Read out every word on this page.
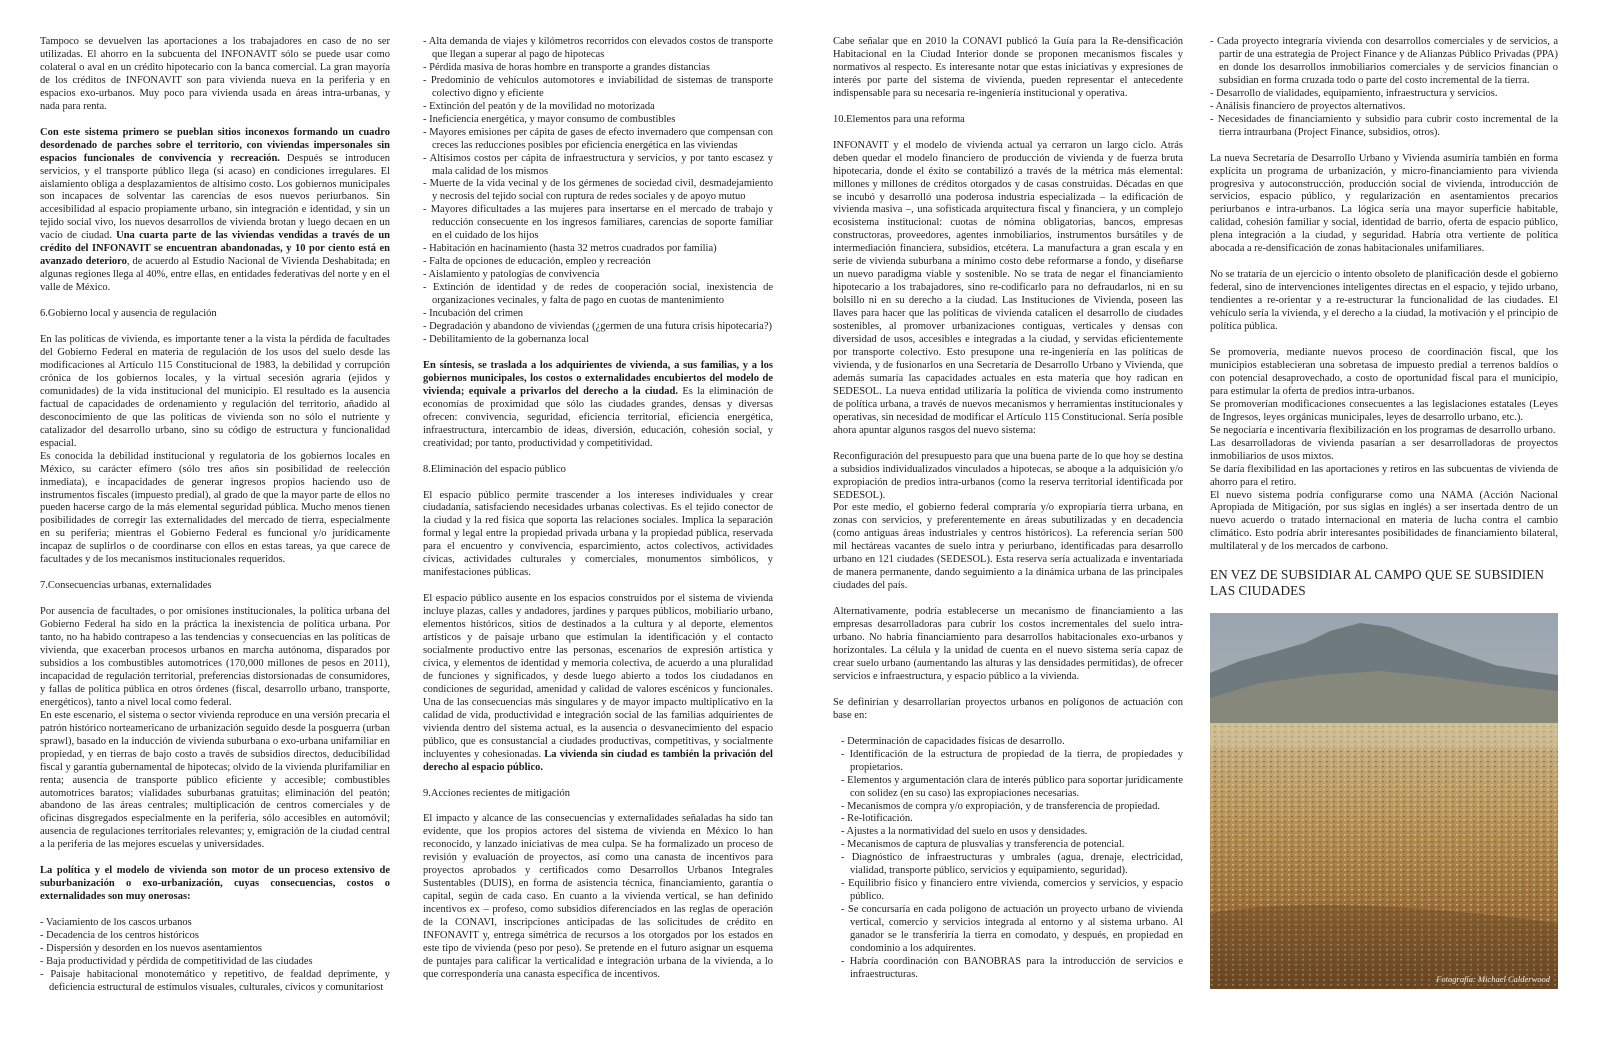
Tampoco se devuelven las aportaciones a los trabajadores en caso de no ser utilizadas. El ahorro en la subcuenta del INFONAVIT sólo se puede usar como colateral o aval en un crédito hipotecario con la banca comercial. La gran mayoría de los créditos de INFONAVIT son para vivienda nueva en la periferia y en espacios exo-urbanos. Muy poco para vivienda usada en áreas intra-urbanas, y nada para renta.

Con este sistema primero se pueblan sitios inconexos formando un cuadro desordenado de parches sobre el territorio, con viviendas impersonales sin espacios funcionales de convivencia y recreación. Después se introducen servicios, y el transporte público llega (si acaso) en condiciones irregulares. El aislamiento obliga a desplazamientos de altísimo costo. Los gobiernos municipales son incapaces de solventar las carencias de esos nuevos periurbanos. Sin accesibilidad al espacio propiamente urbano, sin integración e identidad, y sin un tejido social vivo, los nuevos desarrollos de vivienda brotan y luego decaen en un vacío de ciudad. Una cuarta parte de las viviendas vendidas a través de un crédito del INFONAVIT se encuentran abandonadas, y 10 por ciento está en avanzado deterioro, de acuerdo al Estudio Nacional de Vivienda Deshabitada; en algunas regiones llega al 40%, entre ellas, en entidades federativas del norte y en el valle de México.

6.Gobierno local y ausencia de regulación

En las políticas de vivienda, es importante tener a la vista la pérdida de facultades del Gobierno Federal en materia de regulación de los usos del suelo desde las modificaciones al Artículo 115 Constitucional de 1983, la debilidad y corrupción crónica de los gobiernos locales, y la virtual secesión agraria (ejidos y comunidades) de la vida institucional del municipio. El resultado es la ausencia factual de capacidades de ordenamiento y regulación del territorio, añadido al desconocimiento de que las políticas de vivienda son no sólo el nutriente y catalizador del desarrollo urbano, sino su código de estructura y funcionalidad espacial.

Es conocida la debilidad institucional y regulatoria de los gobiernos locales en México, su carácter efímero (sólo tres años sin posibilidad de reelección inmediata), e incapacidades de generar ingresos propios haciendo uso de instrumentos fiscales (impuesto predial), al grado de que la mayor parte de ellos no pueden hacerse cargo de la más elemental seguridad pública. Mucho menos tienen posibilidades de corregir las externalidades del mercado de tierra, especialmente en su periferia; mientras el Gobierno Federal es funcional y/o jurídicamente incapaz de suplirlos o de coordinarse con ellos en estas tareas, ya que carece de facultades y de los mecanismos institucionales requeridos.

7.Consecuencias urbanas, externalidades

Por ausencia de facultades, o por omisiones institucionales, la política urbana del Gobierno Federal ha sido en la práctica la inexistencia de política urbana. Por tanto, no ha habido contrapeso a las tendencias y consecuencias en las políticas de vivienda, que exacerban procesos urbanos en marcha autónoma, disparados por subsidios a los combustibles automotrices (170,000 millones de pesos en 2011), incapacidad de regulación territorial, preferencias distorsionadas de consumidores, y fallas de política pública en otros órdenes (fiscal, desarrollo urbano, transporte, energéticos), tanto a nivel local como federal.

En este escenario, el sistema o sector vivienda reproduce en una versión precaria el patrón histórico norteamericano de urbanización seguido desde la posguerra (urban sprawl), basado en la inducción de vivienda suburbana o exo-urbana unifamiliar en propiedad, y en tierras de bajo costo a través de subsidios directos, deducibilidad fiscal y garantía gubernamental de hipotecas; olvido de la vivienda plurifamiliar en renta; ausencia de transporte público eficiente y accesible; combustibles automotrices baratos; vialidades suburbanas gratuitas; eliminación del peatón; abandono de las áreas centrales; multiplicación de centros comerciales y de oficinas disgregados especialmente en la periferia, sólo accesibles en automóvil; ausencia de regulaciones territoriales relevantes; y, emigración de la ciudad central a la periferia de las mejores escuelas y universidades.

La política y el modelo de vivienda son motor de un proceso extensivo de suburbanización o exo-urbanización, cuyas consecuencias, costos o externalidades son muy onerosas:

- Vaciamiento de los cascos urbanos
- Decadencia de los centros históricos
- Dispersión y desorden en los nuevos asentamientos
- Baja productividad y pérdida de competitividad de las ciudades
- Paisaje habitacional monotemático y repetitivo, de fealdad deprimente, y deficiencia estructural de estímulos visuales, culturales, cívicos y comunitariost
- Alta demanda de viajes y kilómetros recorridos con elevados costos de transporte que llegan a superar al pago de hipotecas
- Pérdida masiva de horas hombre en transporte a grandes distancias
- Predominio de vehículos automotores e inviabilidad de sistemas de transporte colectivo digno y eficiente
- Extinción del peatón y de la movilidad no motorizada
- Ineficiencia energética, y mayor consumo de combustibles
- Mayores emisiones per cápita de gases de efecto invernadero que compensan con creces las reducciones posibles por eficiencia energética en las viviendas
- Altísimos costos per cápita de infraestructura y servicios, y por tanto escasez y mala calidad de los mismos
- Muerte de la vida vecinal y de los gérmenes de sociedad civil, desmadejamiento y necrosis del tejido social con ruptura de redes sociales y de apoyo mutuo
- Mayores dificultades a las mujeres para insertarse en el mercado de trabajo y reducción consecuente en los ingresos familiares, carencias de soporte familiar en el cuidado de los hijos
- Habitación en hacinamiento (hasta 32 metros cuadrados por familia)
- Falta de opciones de educación, empleo y recreación
- Aislamiento y patologías de convivencia
- Extinción de identidad y de redes de cooperación social, inexistencia de organizaciones vecinales, y falta de pago en cuotas de mantenimiento
- Incubación del crimen
- Degradación y abandono de viviendas (¿germen de una futura crisis hipotecaria?)
- Debilitamiento de la gobernanza local

En síntesis, se traslada a los adquirientes de vivienda, a sus familias, y a los gobiernos municipales, los costos o externalidades encubiertos del modelo de vivienda; equivale a privarlos del derecho a la ciudad. Es la eliminación de economías de proximidad que sólo las ciudades grandes, densas y diversas ofrecen: convivencia, seguridad, eficiencia territorial, eficiencia energética, infraestructura, intercambio de ideas, diversión, educación, cohesión social, y creatividad; por tanto, productividad y competitividad.

8.Eliminación del espacio público

El espacio público permite trascender a los intereses individuales y crear ciudadanía, satisfaciendo necesidades urbanas colectivas. Es el tejido conector de la ciudad y la red física que soporta las relaciones sociales. Implica la separación formal y legal entre la propiedad privada urbana y la propiedad pública, reservada para el encuentro y convivencia, esparcimiento, actos colectivos, actividades cívicas, actividades culturales y comerciales, monumentos simbólicos, y manifestaciones públicas.

El espacio público ausente en los espacios construidos por el sistema de vivienda incluye plazas, calles y andadores, jardines y parques públicos, mobiliario urbano, elementos históricos, sitios de destinados a la cultura y al deporte, elementos artísticos y de paisaje urbano que estimulan la identificación y el contacto socialmente productivo entre las personas, escenarios de expresión artística y cívica, y elementos de identidad y memoria colectiva, de acuerdo a una pluralidad de funciones y significados, y desde luego abierto a todos los ciudadanos en condiciones de seguridad, amenidad y calidad de valores escénicos y funcionales. Una de las consecuencias más singulares y de mayor impacto multiplicativo en la calidad de vida, productividad e integración social de las familias adquirientes de vivienda dentro del sistema actual, es la ausencia o desvanecimiento del espacio público, que es consustancial a ciudades productivas, competitivas, y socialmente incluyentes y cohesionadas. La vivienda sin ciudad es también la privación del derecho al espacio público.

9.Acciones recientes de mitigación

El impacto y alcance de las consecuencias y externalidades señaladas ha sido tan evidente, que los propios actores del sistema de vivienda en México lo han reconocido, y lanzado iniciativas de mea culpa. Se ha formalizado un proceso de revisión y evaluación de proyectos, así como una canasta de incentivos para proyectos aprobados y certificados como Desarrollos Urbanos Integrales Sustentables (DUIS), en forma de asistencia técnica, financiamiento, garantía o capital, según de cada caso. En cuanto a la vivienda vertical, se han definido incentivos ex – profeso, como subsidios diferenciados en las reglas de operación de la CONAVI, inscripciones anticipadas de las solicitudes de crédito en INFONAVIT y, entrega simétrica de recursos a los otorgados por los estados en este tipo de vivienda (peso por peso). Se pretende en el futuro asignar un esquema de puntajes para calificar la verticalidad e integración urbana de la vivienda, a lo que correspondería una canasta específica de incentivos.

Cabe señalar que en 2010 la CONAVI publicó la Guía para la Re-densificación Habitacional en la Ciudad Interior donde se proponen mecanismos fiscales y normativos al respecto. Es interesante notar que estas iniciativas y expresiones de interés por parte del sistema de vivienda, pueden representar el antecedente indispensable para su necesaria re-ingeniería institucional y operativa.

10.Elementos para una reforma

INFONAVIT y el modelo de vivienda actual ya cerraron un largo ciclo. Atrás deben quedar el modelo financiero de producción de vivienda y de fuerza bruta hipotecaria, donde el éxito se contabilizó a través de la métrica más elemental: millones y millones de créditos otorgados y de casas construidas. Décadas en que se incubó y desarrolló una poderosa industria especializada – la edificación de vivienda masiva –, una sofisticada arquitectura fiscal y financiera, y un complejo ecosistema institucional: cuotas de nómina obligatorias, bancos, empresas constructoras, proveedores, agentes inmobiliarios, instrumentos bursátiles y de intermediación financiera, subsidios, etcétera. La manufactura a gran escala y en serie de vivienda suburbana a mínimo costo debe reformarse a fondo, y diseñarse un nuevo paradigma viable y sostenible. No se trata de negar el financiamiento hipotecario a los trabajadores, sino re-codificarlo para no defraudarlos, ni en su bolsillo ni en su derecho a la ciudad. Las Instituciones de Vivienda, poseen las llaves para hacer que las políticas de vivienda catalicen el desarrollo de ciudades sostenibles, al promover urbanizaciones contiguas, verticales y densas con diversidad de usos, accesibles e integradas a la ciudad, y servidas eficientemente por transporte colectivo. Esto presupone una re-ingeniería en las políticas de vivienda, y de fusionarlos en una Secretaría de Desarrollo Urbano y Vivienda, que además sumaría las capacidades actuales en esta materia que hoy radican en SEDESOL. La nueva entidad utilizaría la política de vivienda como instrumento de política urbana, a través de nuevos mecanismos y herramientas institucionales y operativas, sin necesidad de modificar el Artículo 115 Constitucional. Sería posible ahora apuntar algunos rasgos del nuevo sistema:

Reconfiguración del presupuesto para que una buena parte de lo que hoy se destina a subsidios individualizados vinculados a hipotecas, se aboque a la adquisición y/o expropiación de predios intra-urbanos (como la reserva territorial identificada por SEDESOL).

Por este medio, el gobierno federal compraría y/o expropiaría tierra urbana, en zonas con servicios, y preferentemente en áreas subutilizadas y en decadencia (como antiguas áreas industriales y centros históricos). La referencia serían 500 mil hectáreas vacantes de suelo intra y periurbano, identificadas para desarrollo urbano en 121 ciudades (SEDESOL). Esta reserva sería actualizada e inventariada de manera permanente, dando seguimiento a la dinámica urbana de las principales ciudades del país.

Alternativamente, podría establecerse un mecanismo de financiamiento a las empresas desarrolladoras para cubrir los costos incrementales del suelo intra-urbano. No habría financiamiento para desarrollos habitacionales exo-urbanos y horizontales. La célula y la unidad de cuenta en el nuevo sistema sería capaz de crear suelo urbano (aumentando las alturas y las densidades permitidas), de ofrecer servicios e infraestructura, y espacio público a la vivienda.

Se definirían y desarrollarían proyectos urbanos en polígonos de actuación con base en:

- Determinación de capacidades físicas de desarrollo.
- Identificación de la estructura de propiedad de la tierra, de propiedades y propietarios.
- Elementos y argumentación clara de interés público para soportar jurídicamente con solidez (en su caso) las expropiaciones necesarias.
- Mecanismos de compra y/o expropiación, y de transferencia de propiedad.
- Re-lotificación.
- Ajustes a la normatividad del suelo en usos y densidades.
- Mecanismos de captura de plusvalías y transferencia de potencial.
- Diagnóstico de infraestructuras y umbrales (agua, drenaje, electricidad, vialidad, transporte público, servicios y equipamiento, seguridad).
- Equilibrio físico y financiero entre vivienda, comercios y servicios, y espacio público.
- Se concursaría en cada polígono de actuación un proyecto urbano de vivienda vertical, comercio y servicios integrada al entorno y al sistema urbano. Al ganador se le transferiría la tierra en comodato, y después, en propiedad en condominio a los adquirentes.
- Habría coordinación con BANOBRAS para la introducción de servicios e infraestructuras.
- Cada proyecto integraría vivienda con desarrollos comerciales y de servicios, a partir de una estrategia de Project Finance y de Alianzas Público Privadas (PPA) en donde los desarrollos inmobiliarios comerciales y de servicios financian o subsidian en forma cruzada todo o parte del costo incremental de la tierra.
- Desarrollo de vialidades, equipamiento, infraestructura y servicios.
- Análisis financiero de proyectos alternativos.
- Necesidades de financiamiento y subsidio para cubrir costo incremental de la tierra intraurbana (Project Finance, subsidios, otros).

La nueva Secretaría de Desarrollo Urbano y Vivienda asumiría también en forma explícita un programa de urbanización, y micro-financiamiento para vivienda progresiva y autoconstrucción, producción social de vivienda, introducción de servicios, espacio público, y regularización en asentamientos precarios periurbanos e intra-urbanos. La lógica sería una mayor superficie habitable, calidad, cohesión familiar y social, identidad de barrio, oferta de espacio público, plena integración a la ciudad, y seguridad. Habría otra vertiente de política abocada a re-densificación de zonas habitacionales unifamiliares.

No se trataría de un ejercicio o intento obsoleto de planificación desde el gobierno federal, sino de intervenciones inteligentes directas en el espacio, y tejido urbano, tendientes a re-orientar y a re-estructurar la funcionalidad de las ciudades. El vehículo sería la vivienda, y el derecho a la ciudad, la motivación y el principio de política pública.

Se promovería, mediante nuevos proceso de coordinación fiscal, que los municipios establecieran una sobretasa de impuesto predial a terrenos baldíos o con potencial desaprovechado, a costo de oportunidad fiscal para el municipio, para estimular la oferta de predios intra-urbanos.

Se promoverían modificaciones consecuentes a las legislaciones estatales (Leyes de Ingresos, leyes orgánicas municipales, leyes de desarrollo urbano, etc.).

Se negociaría e incentivaría flexibilización en los programas de desarrollo urbano.

Las desarrolladoras de vivienda pasarían a ser desarrolladoras de proyectos inmobiliarios de usos mixtos.

Se daría flexibilidad en las aportaciones y retiros en las subcuentas de vivienda de ahorro para el retiro.

El nuevo sistema podría configurarse como una NAMA (Acción Nacional Apropiada de Mitigación, por sus siglas en inglés) a ser insertada dentro de un nuevo acuerdo o tratado internacional en materia de lucha contra el cambio climático. Esto podría abrir interesantes posibilidades de financiamiento bilateral, multilateral y de los mercados de carbono.

EN VEZ DE SUBSIDIAR AL CAMPO QUE SE SUBSIDIEN LAS CIUDADES
Fotografía: Michael Calderwood
